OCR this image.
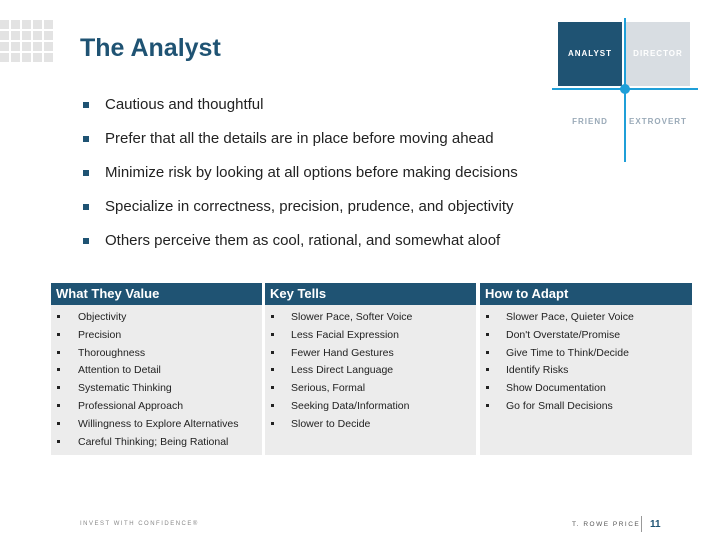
The Analyst
Cautious and thoughtful
Prefer that all the details are in place before moving ahead
Minimize risk by looking at all options before making decisions
Specialize in correctness, precision, prudence, and objectivity
Others perceive them as cool, rational, and somewhat aloof
ANALYST	DIRECTOR
FRIEND	EXTROVERT
What They Value
Objectivity
Precision
Thoroughness
Attention to Detail
Systematic Thinking
Professional Approach
Willingness to Explore Alternatives
Careful Thinking; Being Rational
Key Tells
Slower Pace, Softer Voice
Less Facial Expression
Fewer Hand Gestures
Less Direct Language
Serious, Formal
Seeking Data/Information
Slower to Decide
How to Adapt
Slower Pace, Quieter Voice
Don't Overstate/Promise
Give Time to Think/Decide
Identify Risks
Show Documentation
Go for Small Decisions
INVEST WITH CONFIDENCE®	T. ROWE PRICE 11
